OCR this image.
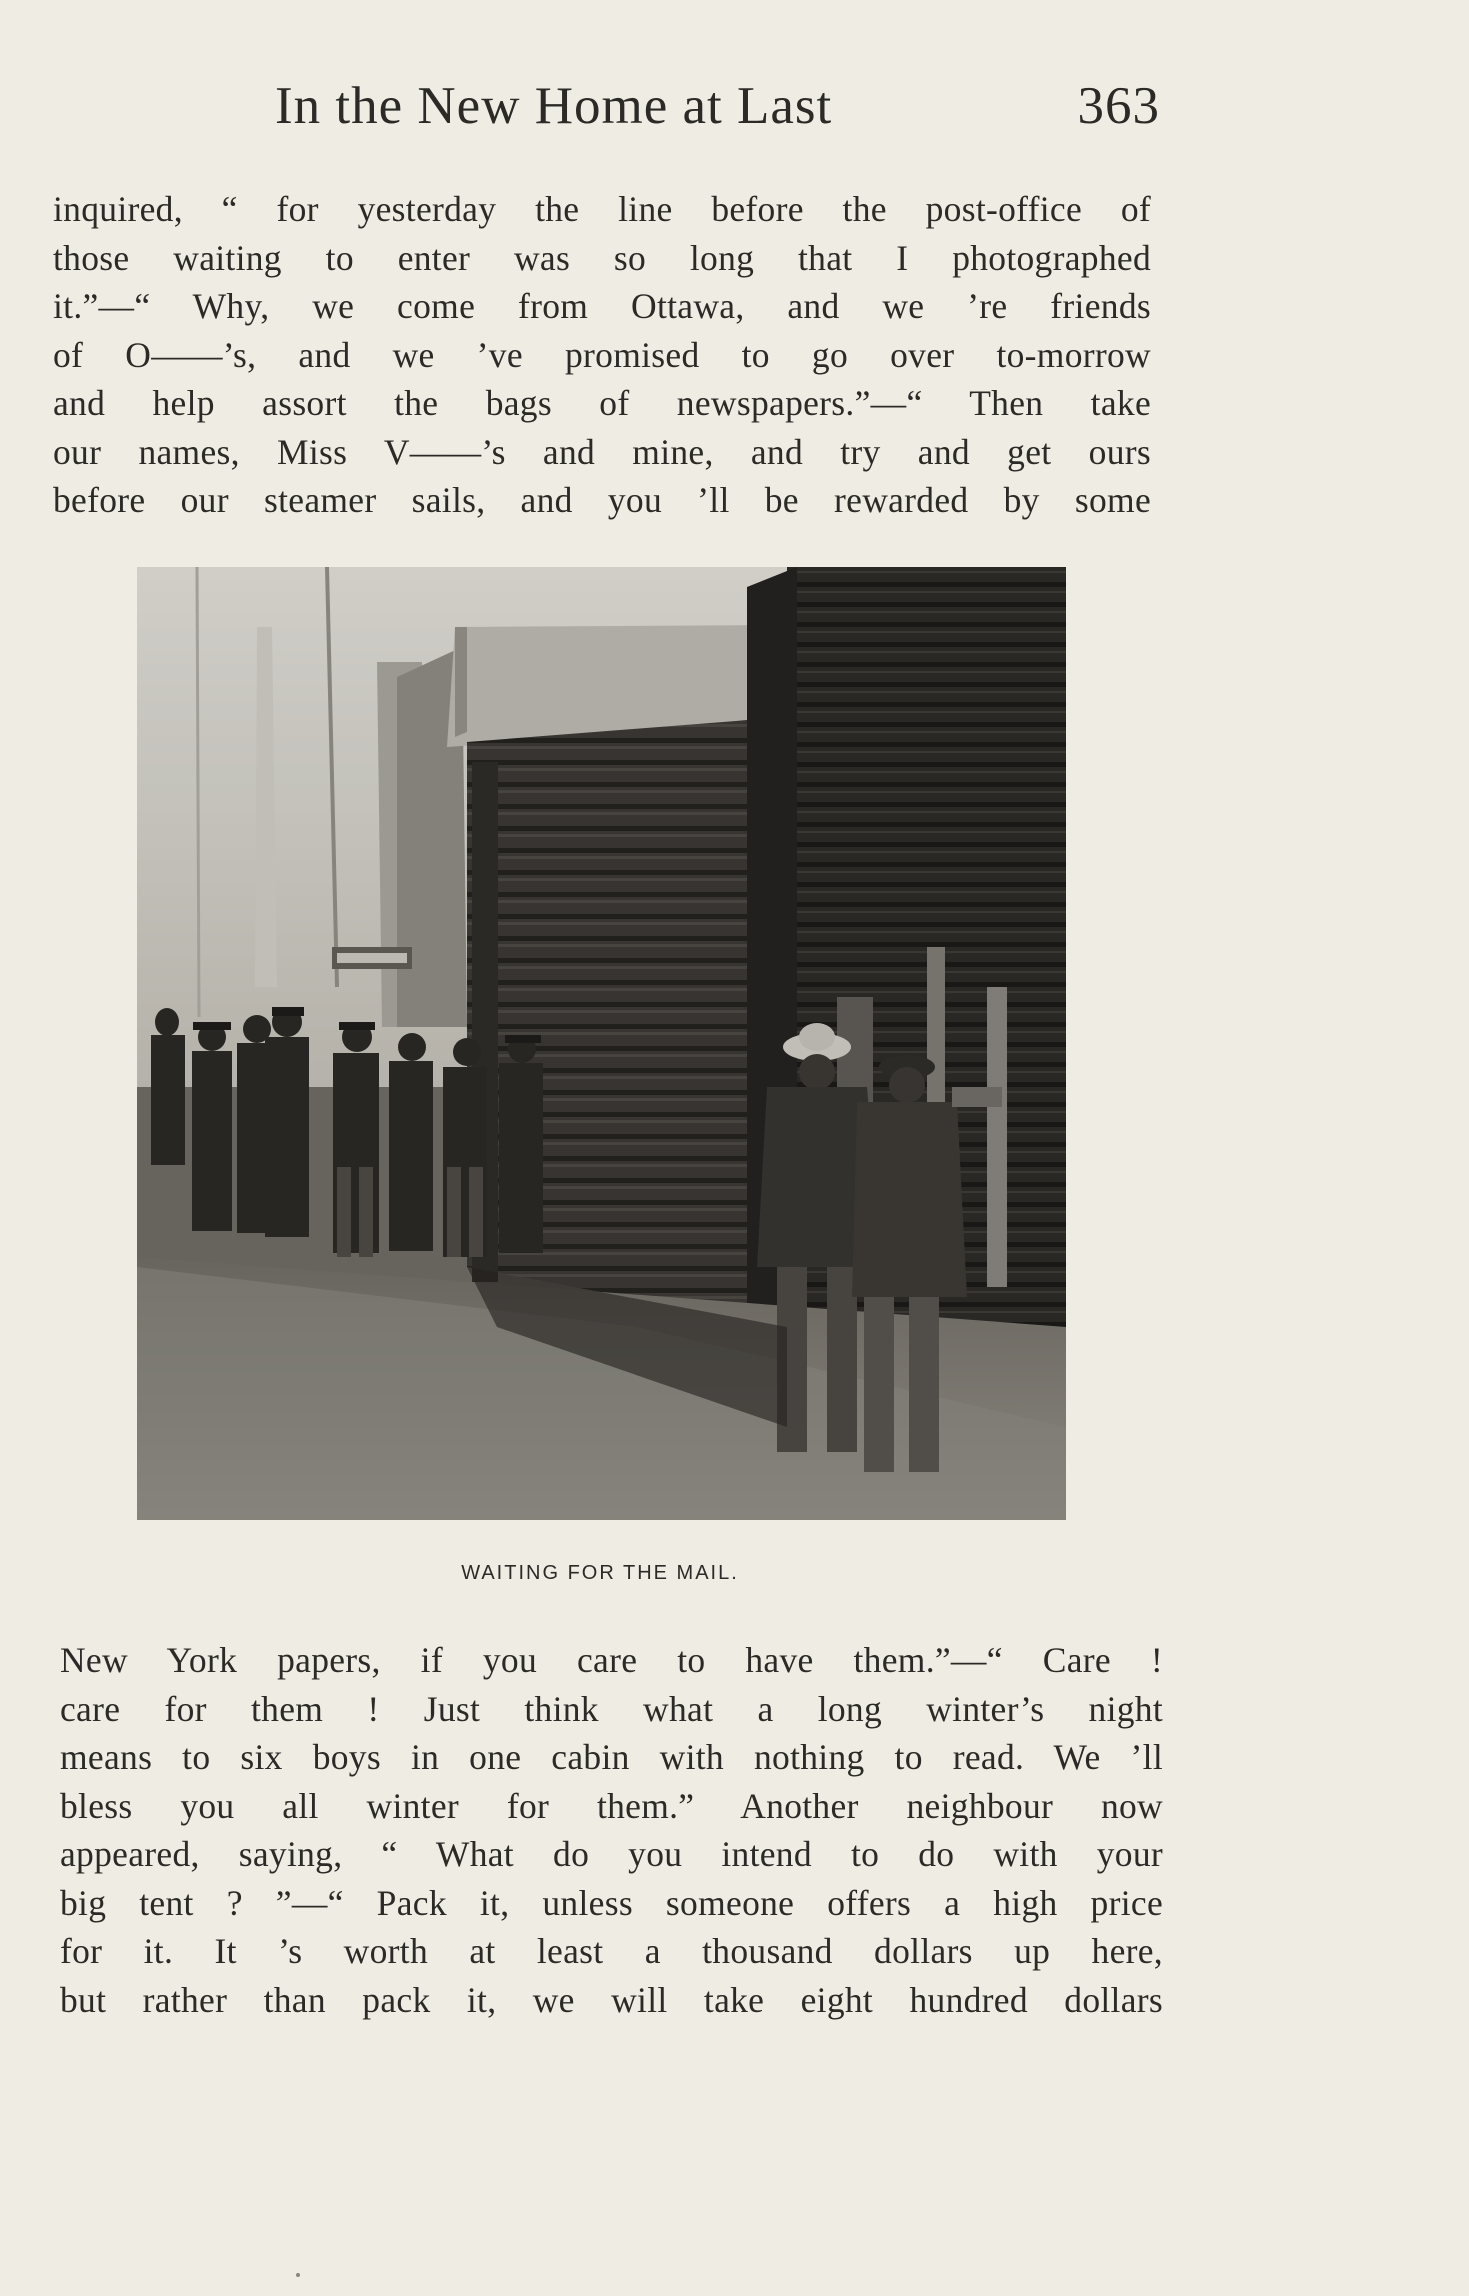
In the New Home at Last	363
inquired, “ for yesterday the line before the post-office of
those waiting to enter was so long that I photographed
it.”—“ Why, we come from Ottawa, and we ’re friends
of O——’s, and we ’ve promised to go over to-morrow
and help assort the bags of newspapers.”—“ Then take
our names, Miss V——’s and mine, and try and get ours
before our steamer sails, and you ’ll be rewarded by some
WAITING FOR THE MAIL.
New York papers, if you care to have them.”—“ Care !
care for them ! Just think what a long winter’s night
means to six boys in one cabin with nothing to read. We ’ll
bless you all winter for them.” Another neighbour now
appeared, saying, “ What do you intend to do with your
big tent ? ”—“ Pack it, unless someone offers a high price
for it. It ’s worth at least a thousand dollars up here,
but rather than pack it, we will take eight hundred dollars
